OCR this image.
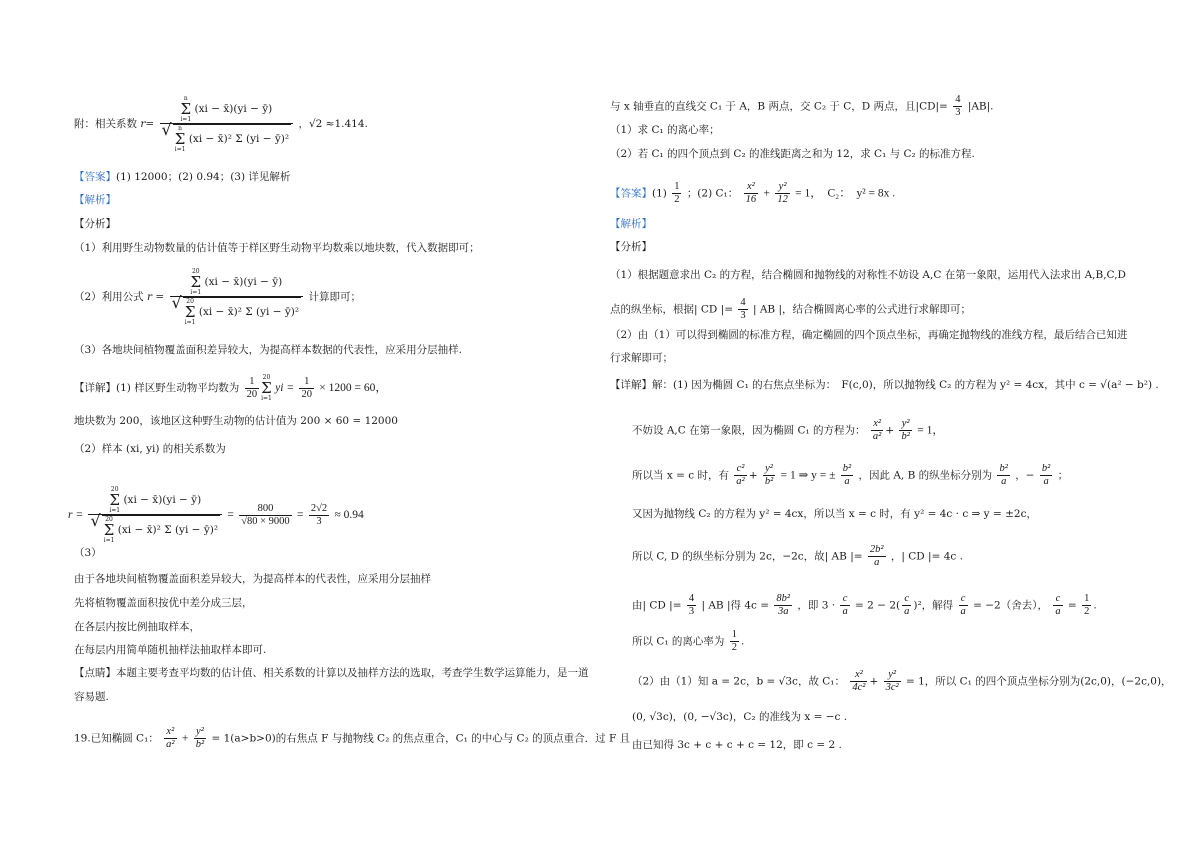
附：相关系数 r= n
Σ
i=1
(xi − x̄)(yi − ȳ)
√	n
Σ
i=1
(xi − x̄)² Σ (yi − ȳ)² ，√2 ≈1.414.
【答案】(1) 12000；(2) 0.94；(3) 详见解析
【解析】
【分析】
（1）利用野生动物数量的估计值等于样区野生动物平均数乘以地块数，代入数据即可；
（2）利用公式 r = 20
Σ
i=1
(xi − x̄)(yi − ȳ)
√ 20
Σ
i=1
(xi − x̄)² Σ (yi − ȳ)² 计算即可；
（3）各地块间植物覆盖面积差异较大，为提高样本数据的代表性，应采用分层抽样.
【详解】(1) 样区野生动物平均数为 $\frac{1}{20} 20$
Σ
i=1
yi = $\frac{1}{20} \times 1200 = 60$，
地块数为 200，该地区这种野生动物的估计值为 200 × 60 = 12000
（2）样本 (xi, yi) 的相关系数为
r = 20
Σ
i=1
(xi − x̄)(yi − ȳ)
√ 20
Σ
i=1
(xi − x̄)² Σ (yi − ȳ)² = $\frac{800}{√80 \times 9000} = \frac{2√2}{3} \approx 0.94$
（3）
由于各地块间植物覆盖面积差异较大，为提高样本的代表性，应采用分层抽样
先将植物覆盖面积按优中差分成三层，
在各层内按比例抽取样本，
在每层内用简单随机抽样法抽取样本即可.
【点睛】本题主要考查平均数的估计值、相关系数的计算以及抽样方法的选取，考查学生数学运算能力，是一道
容易题.
19.已知椭圆 C₁： $\frac{\text{x²}}{\text{a²}} + \frac{\text{y²}}{\text{b²}} = 1(a>b>0)$的右焦点 F 与抛物线 C₂ 的焦点重合，C₁ 的中心与 C₂ 的顶点重合．过 F 且
与 x 轴垂直的直线交 C₁ 于 A，B 两点，交 C₂ 于 C，D 两点，且$|CD|= \frac{4}{3} |AB|$.
（1）求 C₁ 的离心率；
（2）若 C₁ 的四个顶点到 C₂ 的准线距离之和为 12，求 C₁ 与 C₂ 的标准方程.
【答案】$(1) \frac{1}{2}$ ；(2) C₁： $\frac{\text{x²}}{16} + \frac{\text{y²}}{12} = 1$，　C₂：　y² = 8x .
【解析】
【分析】
（1）根据题意求出 C₂ 的方程，结合椭圆和抛物线的对称性不妨设 A,C 在第一象限，运用代入法求出 A,B,C,D
点的纵坐标，根据| CD |= $\frac{4}{3}$ | AB |，结合椭圆离心率的公式进行求解即可；
（2）由（1）可以得到椭圆的标准方程，确定椭圆的四个顶点坐标，再确定抛物线的准线方程，最后结合已知进
行求解即可；
【详解】解：(1) 因为椭圆 C₁ 的右焦点坐标为：　F(c,0)，所以抛物线 C₂ 的方程为 y² = 4cx，其中 c = √(a² − b²) .
不妨设 A,C 在第一象限，因为椭圆 C₁ 的方程为： $\frac{\text{x²}}{\text{a²}} + \frac{\text{y²}}{\text{b²}} = 1$，
所以当 x = c 时，有 $\frac{\text{c²}}{\text{a²}} + \frac{\text{y²}}{\text{b²}} = 1$ ⇒ y = ± $\frac{\text{b²}}{a}$ ，因此 A, B 的纵坐标分别为 $\frac{\text{b²}}{a}$ ，− $\frac{\text{b²}}{a}$ ；
又因为抛物线 C₂ 的方程为 y² = 4cx，所以当 x = c 时，有 y² = 4c · c ⇒ y = ±2c，
所以 C, D 的纵坐标分别为 2c，−2c，故| AB |= $\frac{\text{2b²}}{a}$ ，| CD |= 4c .
由| CD |= $\frac{4}{3}$ | AB |得 $4c = \frac{\text{8b²}}{3a}$ ，即 $3 \cdot \frac{c}{a} = 2 - 2( \frac{c}{a} )^2$，解得 $\frac{c}{a} = -2$（舍去）， $\frac{c}{a} = \frac{1}{2}$ .
所以 C₁ 的离心率为 $\frac{1}{2}$ .
（2）由（1）知 a = 2c，b = √3c，故 C₁： $\frac{\text{x²}}{\text{4c²}} + \frac{\text{y²}}{\text{3c²}} = 1$，所以 C₁ 的四个顶点坐标分别为(2c,0)，(−2c,0)，
(0, √3c)，(0, −√3c)，C₂ 的准线为 x = −c .
由已知得 3c + c + c + c = 12，即 c = 2 .
